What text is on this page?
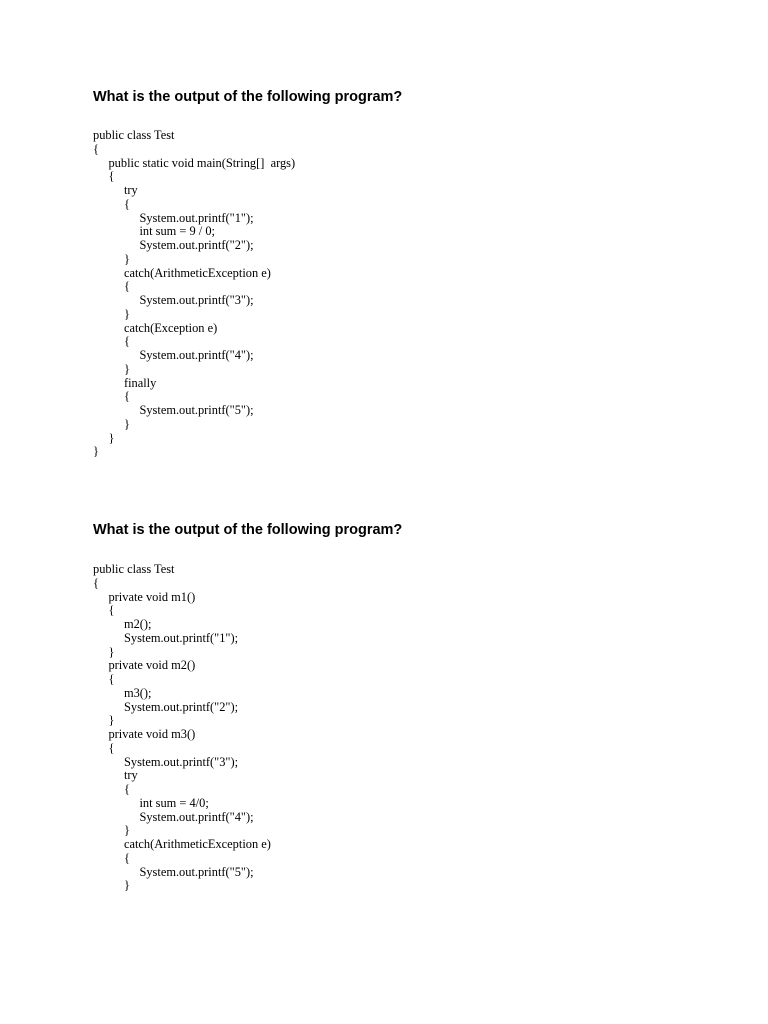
What is the output of the following program?
public class Test
{
public static void main(String[]  args)
{
try
{
System.out.printf("1");
int sum = 9 / 0;
System.out.printf("2");
}
catch(ArithmeticException e)
{
System.out.printf("3");
}
catch(Exception e)
{
System.out.printf("4");
}
finally
{
System.out.printf("5");
}
}
}
What is the output of the following program?
public class Test
{
private void m1()
{
m2();
System.out.printf("1");
}
private void m2()
{
m3();
System.out.printf("2");
}
private void m3()
{
System.out.printf("3");
try
{
int sum = 4/0;
System.out.printf("4");
}
catch(ArithmeticException e)
{
System.out.printf("5");
}
